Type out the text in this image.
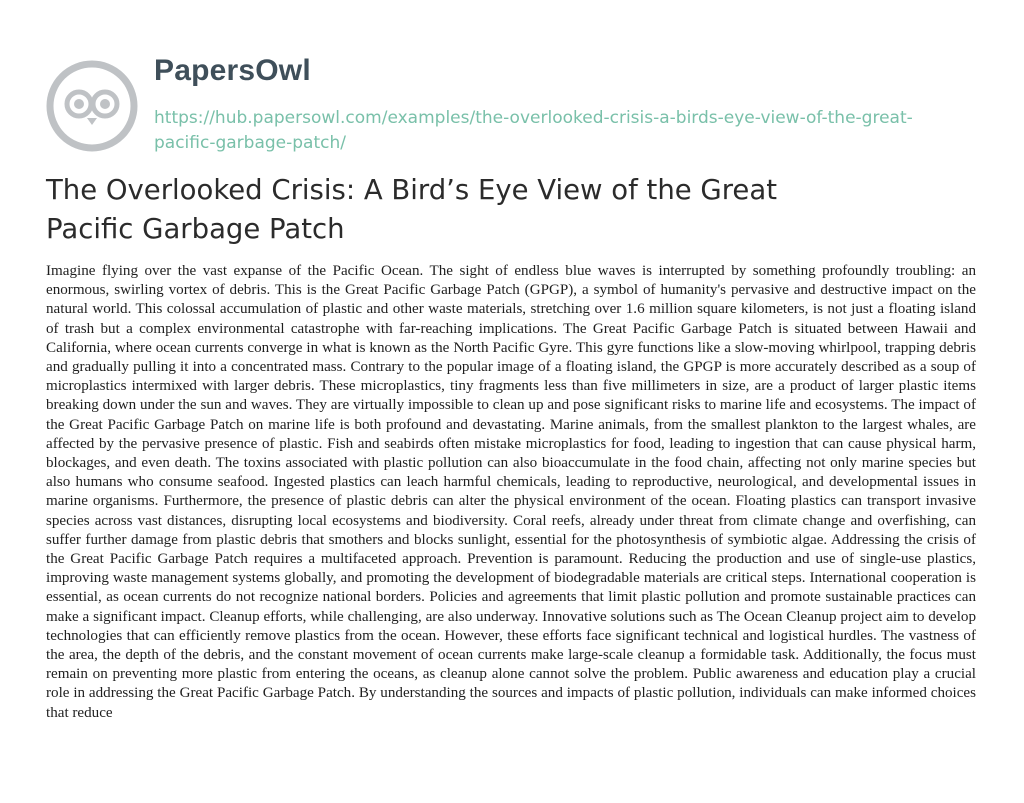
PapersOwl
https://hub.papersowl.com/examples/the-overlooked-crisis-a-birds-eye-view-of-the-great-pacific-garbage-patch/
The Overlooked Crisis: A Bird’s Eye View of the Great Pacific Garbage Patch

Imagine flying over the vast expanse of the Pacific Ocean. The sight of endless blue waves is interrupted by something profoundly troubling: an enormous, swirling vortex of debris. This is the Great Pacific Garbage Patch (GPGP), a symbol of humanity's pervasive and destructive impact on the natural world. This colossal accumulation of plastic and other waste materials, stretching over 1.6 million square kilometers, is not just a floating island of trash but a complex environmental catastrophe with far-reaching implications. The Great Pacific Garbage Patch is situated between Hawaii and California, where ocean currents converge in what is known as the North Pacific Gyre. This gyre functions like a slow-moving whirlpool, trapping debris and gradually pulling it into a concentrated mass. Contrary to the popular image of a floating island, the GPGP is more accurately described as a soup of microplastics intermixed with larger debris. These microplastics, tiny fragments less than five millimeters in size, are a product of larger plastic items breaking down under the sun and waves. They are virtually impossible to clean up and pose significant risks to marine life and ecosystems. The impact of the Great Pacific Garbage Patch on marine life is both profound and devastating. Marine animals, from the smallest plankton to the largest whales, are affected by the pervasive presence of plastic. Fish and seabirds often mistake microplastics for food, leading to ingestion that can cause physical harm, blockages, and even death. The toxins associated with plastic pollution can also bioaccumulate in the food chain, affecting not only marine species but also humans who consume seafood. Ingested plastics can leach harmful chemicals, leading to reproductive, neurological, and developmental issues in marine organisms. Furthermore, the presence of plastic debris can alter the physical environment of the ocean. Floating plastics can transport invasive species across vast distances, disrupting local ecosystems and biodiversity. Coral reefs, already under threat from climate change and overfishing, can suffer further damage from plastic debris that smothers and blocks sunlight, essential for the photosynthesis of symbiotic algae. Addressing the crisis of the Great Pacific Garbage Patch requires a multifaceted approach. Prevention is paramount. Reducing the production and use of single-use plastics, improving waste management systems globally, and promoting the development of biodegradable materials are critical steps. International cooperation is essential, as ocean currents do not recognize national borders. Policies and agreements that limit plastic pollution and promote sustainable practices can make a significant impact. Cleanup efforts, while challenging, are also underway. Innovative solutions such as The Ocean Cleanup project aim to develop technologies that can efficiently remove plastics from the ocean. However, these efforts face significant technical and logistical hurdles. The vastness of the area, the depth of the debris, and the constant movement of ocean currents make large-scale cleanup a formidable task. Additionally, the focus must remain on preventing more plastic from entering the oceans, as cleanup alone cannot solve the problem. Public awareness and education play a crucial role in addressing the Great Pacific Garbage Patch. By understanding the sources and impacts of plastic pollution, individuals can make informed choices that reduce
